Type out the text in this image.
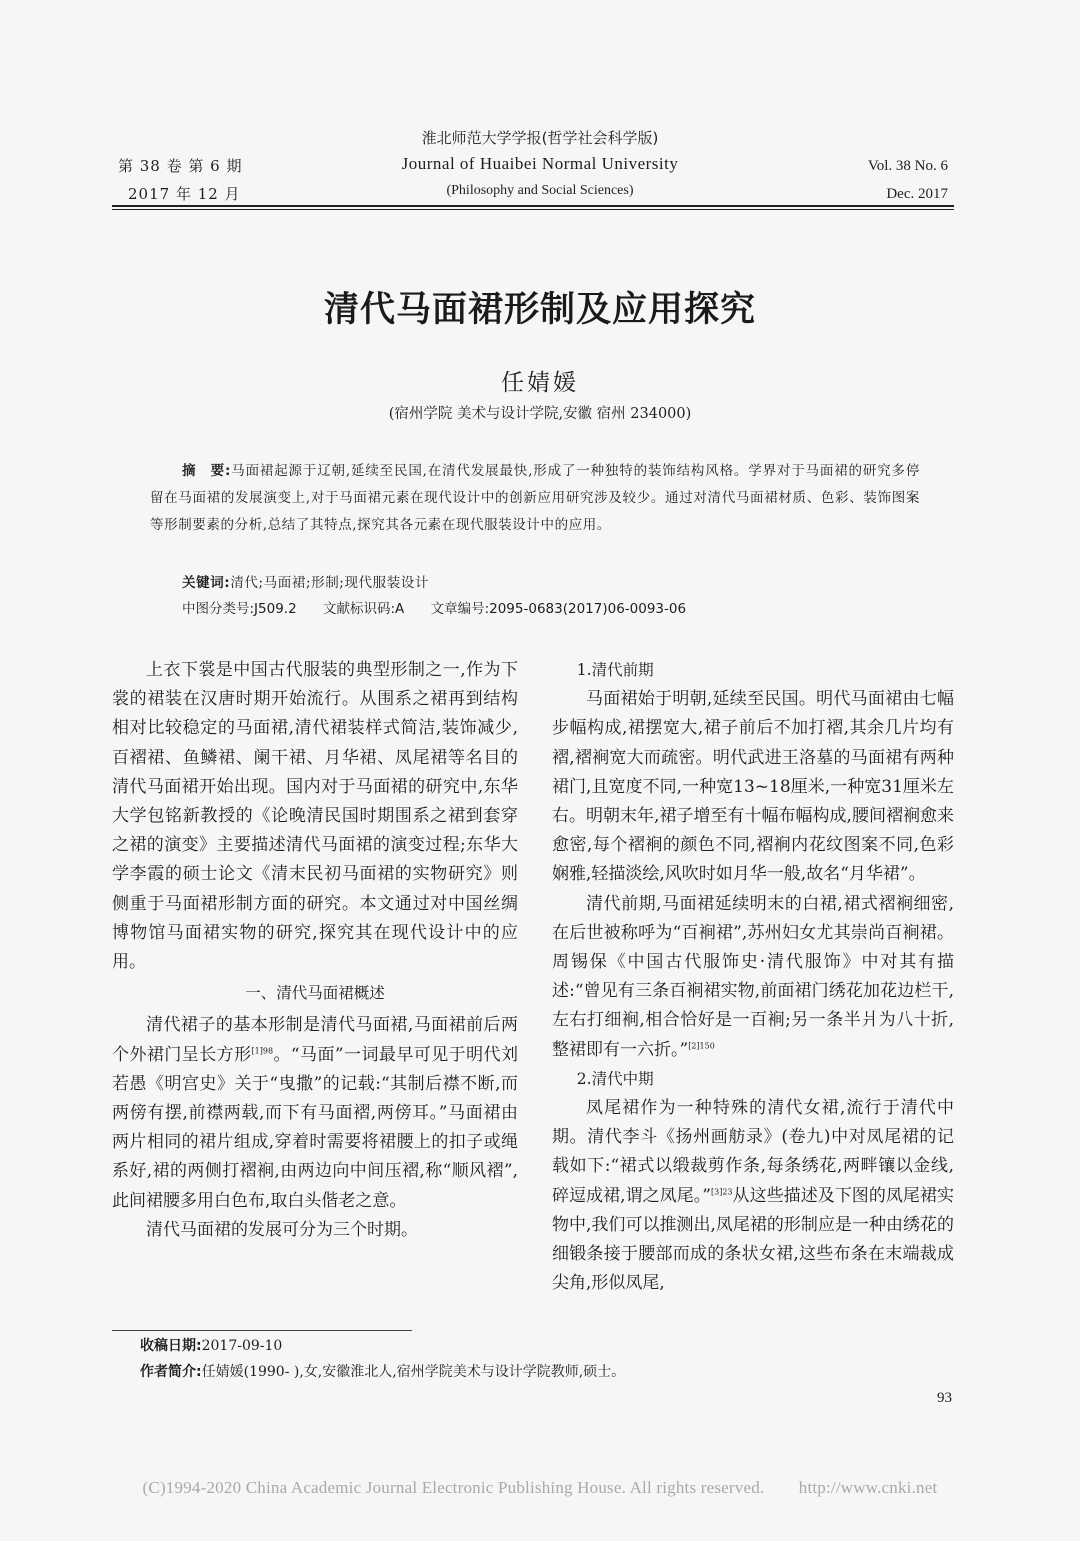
第 38 卷 第 6 期
2017 年 12 月
淮北师范大学学报(哲学社会科学版)
Journal of Huaibei Normal University
(Philosophy and Social Sciences)
Vol. 38 No. 6
Dec. 2017
清代马面裙形制及应用探究
任婧媛
(宿州学院 美术与设计学院,安徽 宿州 234000)
摘　要:马面裙起源于辽朝,延续至民国,在清代发展最快,形成了一种独特的装饰结构风格。学界对于马面裙的研究多停留在马面裙的发展演变上,对于马面裙元素在现代设计中的创新应用研究涉及较少。通过对清代马面裙材质、色彩、装饰图案等形制要素的分析,总结了其特点,探究其各元素在现代服装设计中的应用。
关键词:清代;马面裙;形制;现代服装设计
中图分类号:J509.2 文献标识码:A 文章编号:2095-0683(2017)06-0093-06

上衣下裳是中国古代服装的典型形制之一,作为下裳的裙装在汉唐时期开始流行。从围系之裙再到结构相对比较稳定的马面裙,清代裙装样式简洁,装饰减少,百褶裙、鱼鳞裙、阑干裙、月华裙、凤尾裙等名目的清代马面裙开始出现。国内对于马面裙的研究中,东华大学包铭新教授的《论晚清民国时期围系之裙到套穿之裙的演变》主要描述清代马面裙的演变过程;东华大学李霞的硕士论文《清末民初马面裙的实物研究》则侧重于马面裙形制方面的研究。本文通过对中国丝绸博物馆马面裙实物的研究,探究其在现代设计中的应用。

一、清代马面裙概述

清代裙子的基本形制是清代马面裙,马面裙前后两个外裙门呈长方形$^{[1]98}$。“马面”一词最早可见于明代刘若愚《明宫史》关于“曳撒”的记载:“其制后襟不断,而两傍有摆,前襟两载,而下有马面褶,两傍耳。”马面裙由两片相同的裙片组成,穿着时需要将裙腰上的扣子或绳系好,裙的两侧打褶裥,由两边向中间压褶,称“顺风褶”,此间裙腰多用白色布,取白头偕老之意。

清代马面裙的发展可分为三个时期。

1.清代前期

马面裙始于明朝,延续至民国。明代马面裙由七幅步幅构成,裙摆宽大,裙子前后不加打褶,其余几片均有褶,褶裥宽大而疏密。明代武进王洛墓的马面裙有两种裙门,且宽度不同,一种宽13~18厘米,一种宽31厘米左右。明朝末年,裙子增至有十幅布幅构成,腰间褶裥愈来愈密,每个褶裥的颜色不同,褶裥内花纹图案不同,色彩娴雅,轻描淡绘,风吹时如月华一般,故名“月华裙”。

清代前期,马面裙延续明末的白裙,裙式褶裥细密,在后世被称呼为“百裥裙”,苏州妇女尤其崇尚百裥裙。周锡保《中国古代服饰史·清代服饰》中对其有描述:“曾见有三条百裥裙实物,前面裙门绣花加花边栏干,左右打细裥,相合恰好是一百裥;另一条半爿为八十折,整裙即有一六折。”$^{[2]150}$

2.清代中期

凤尾裙作为一种特殊的清代女裙,流行于清代中期。清代李斗《扬州画舫录》(卷九)中对凤尾裙的记载如下:“裙式以缎裁剪作条,每条绣花,两畔镶以金线,碎逗成裙,谓之凤尾。”$^{[3]23}$从这些描述及下图的凤尾裙实物中,我们可以推测出,凤尾裙的形制应是一种由绣花的细锻条接于腰部而成的条状女裙,这些布条在末端裁成尖角,形似凤尾,

收稿日期:2017-09-10
作者简介:任婧媛(1990- ),女,安徽淮北人,宿州学院美术与设计学院教师,硕士。
93
(C)1994-2020 China Academic Journal Electronic Publishing House. All rights reserved.　　http://www.cnki.net
